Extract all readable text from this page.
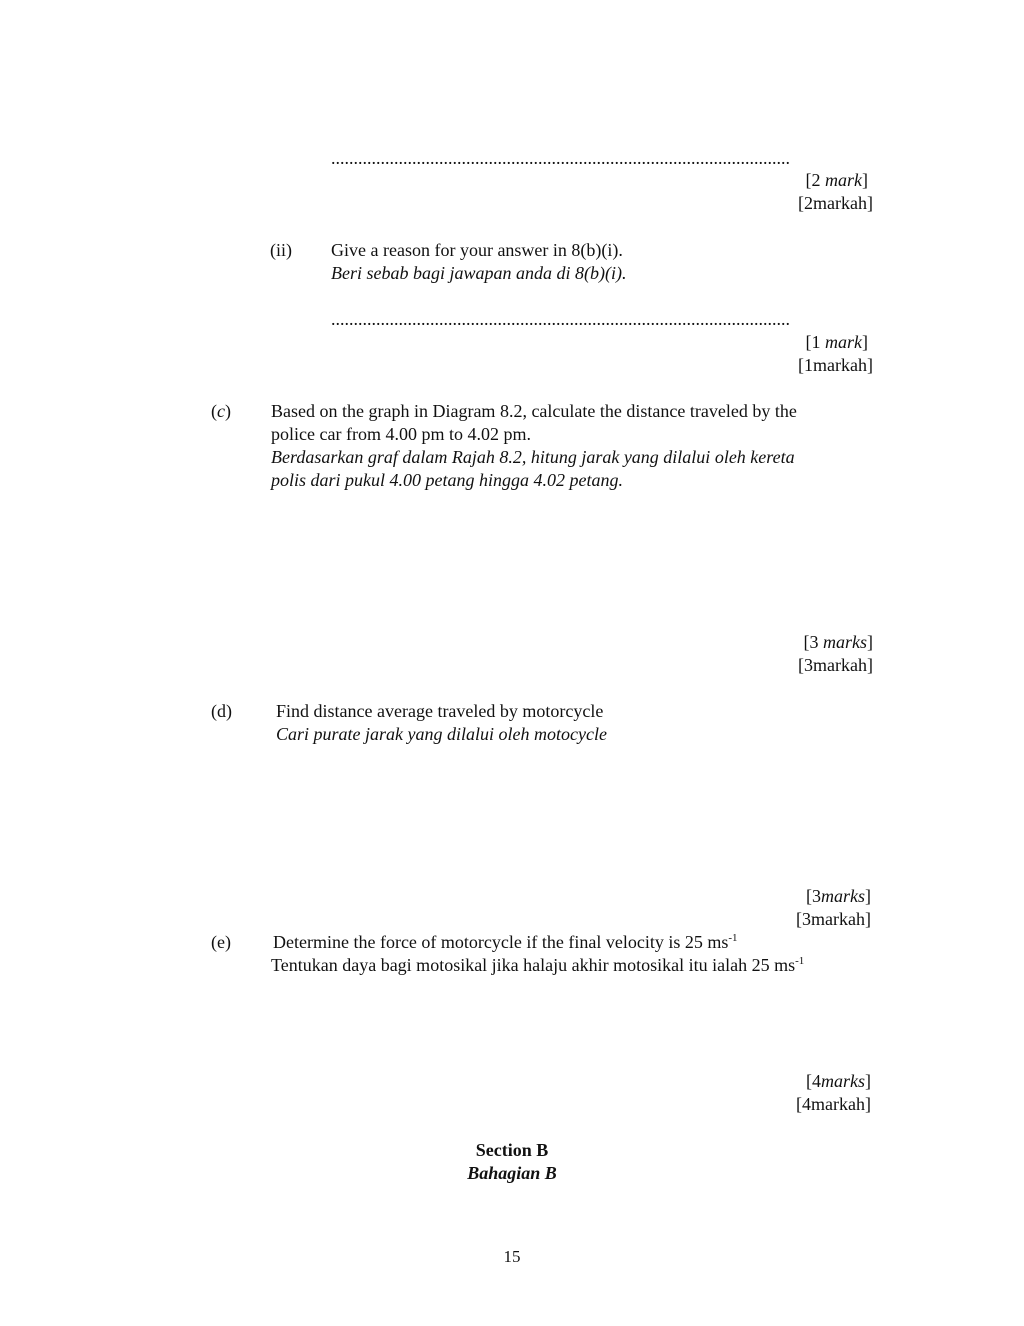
......................................................................................................
[2 mark]
[2markah]
(ii) Give a reason for your answer in 8(b)(i).
Beri sebab bagi jawapan anda di 8(b)(i).
......................................................................................................
[1 mark]
[1markah]
(c) Based on the graph in Diagram 8.2, calculate the distance traveled by the
police car from 4.00 pm to 4.02 pm.
Berdasarkan graf dalam Rajah 8.2, hitung jarak yang dilalui oleh kereta
polis dari pukul 4.00 petang hingga 4.02 petang.
[3 marks]
[3markah]
(d) Find distance average traveled by motorcycle
Cari purate jarak yang dilalui oleh motocycle
[3marks]
[3markah]
(e) Determine the force of motorcycle if the final velocity is 25 $ms^{-1}$
Tentukan daya bagi motosikal jika halaju akhir motosikal itu ialah 25 $ms^{-1}$
[4marks]
[4markah]
Section B
Bahagian B
15
